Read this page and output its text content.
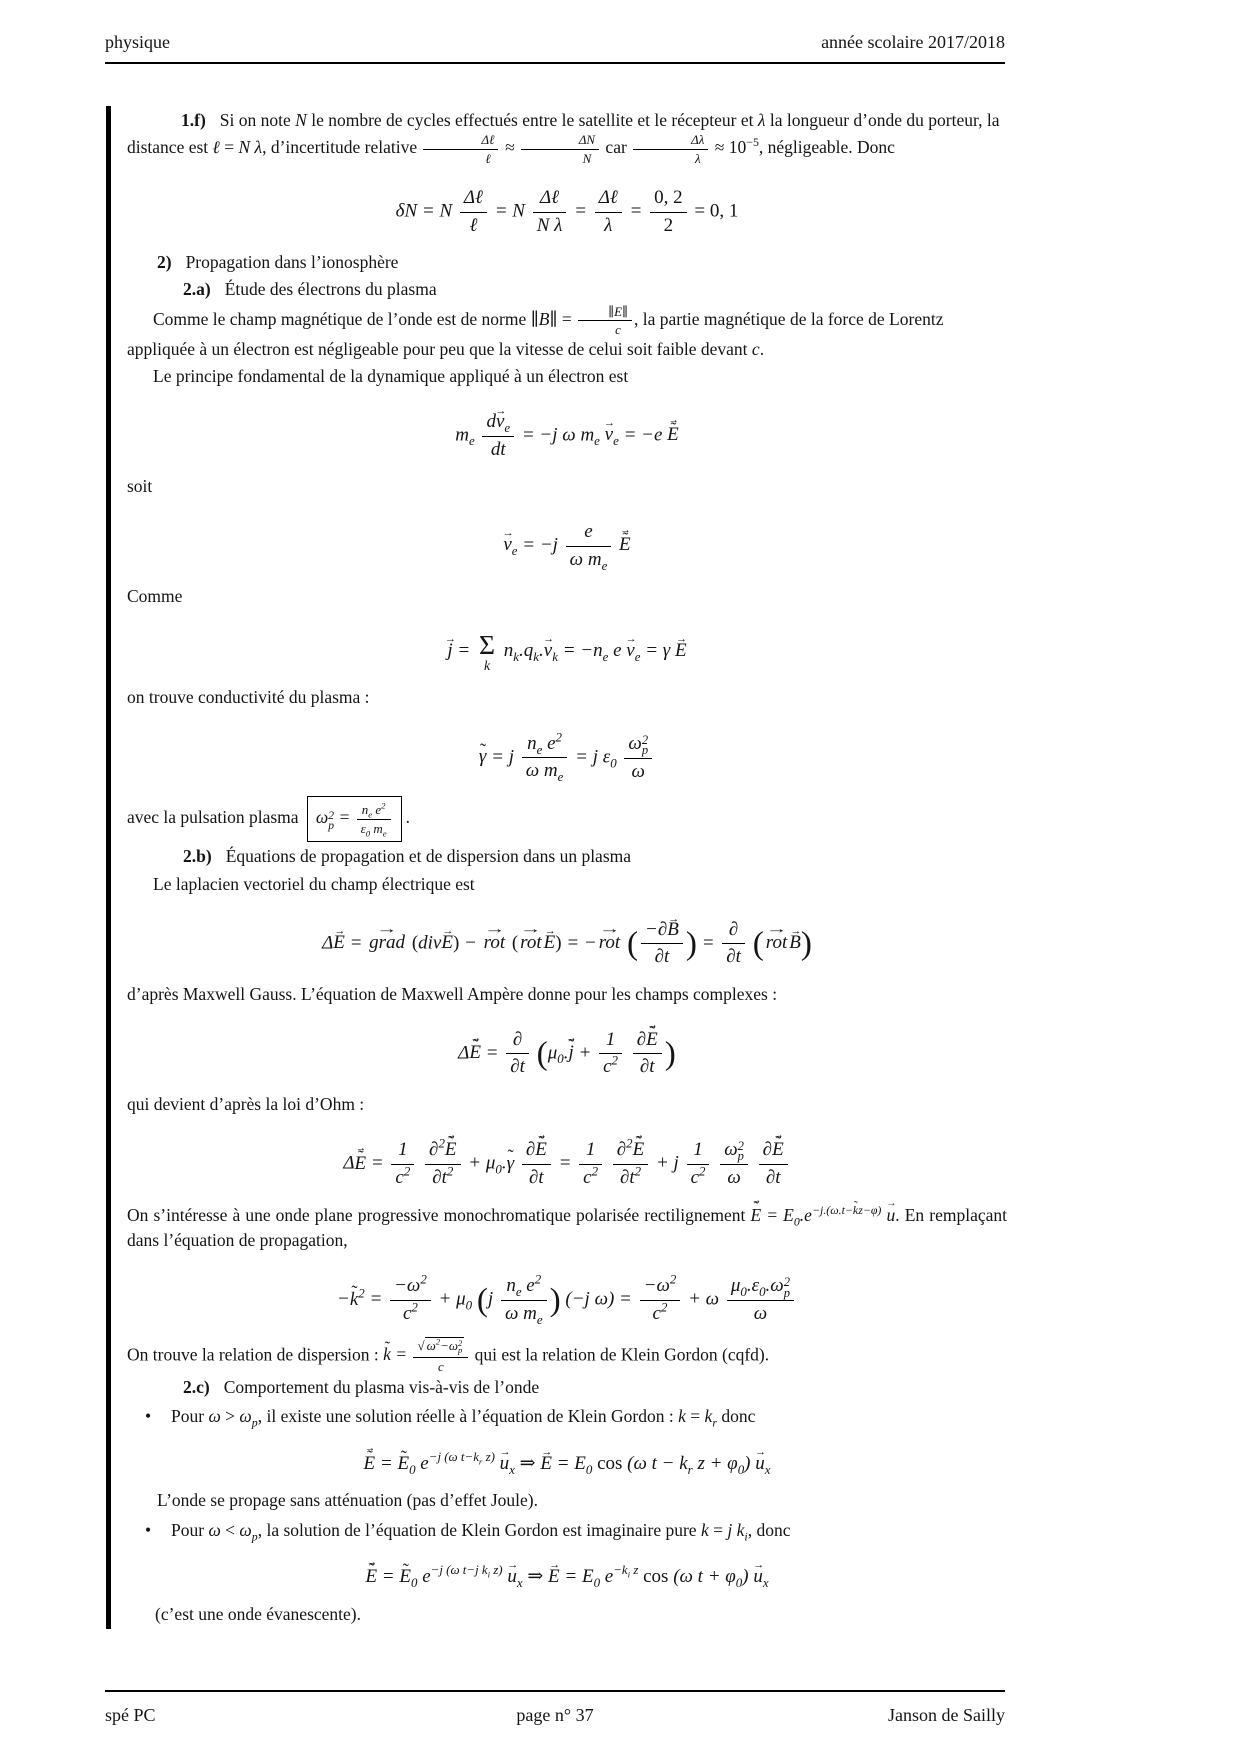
physique	année scolaire 2017/2018

1.f) Si on note N le nombre de cycles effectués entre le satellite et le récepteur et λ la longueur d’onde du porteur, la distance est ℓ = N λ, d’incertitude relative	Δℓ
ℓ
≈ $\frac{\Delta N}{N}$ car $\frac{\Delta\lambda}{\lambda} \approx 10^{-5}$, négligeable. Donc

δN = N
Δℓ
ℓ
= N
Δℓ
N λ
=
Δℓ
λ
= $\frac{0, 2}{2} = 0$, 1

2) Propagation dans l’ionosphère

2.a) Étude des électrons du plasma

Comme le champ magnétique de l’onde est de norme ∥B∥ = $\frac{\parallel E\parallel}{c}$ , la partie magnétique de la force de Lorentz appliquée à un électron est négligeable pour peu que la vitesse de celui soit faible devant c.

Le principe fondamental de la dynamique appliqué à un électron est

$m_e$
dv $\to_e$
dt
= −j ω $m_e$ $v \to_e = -e$ ˜ E →

soit

$v \to_e = -j \frac{e}{\omega m_e}$ ˜ E →

Comme

j → = Σ
k
$n_k.q_k.v \to_k = -n_e$ e $v \to_e = \gamma$ E →

on trouve conductivité du plasma :

γ ˜ = j $\frac{n_e e^2}{\omega m_e} = j$ $\varepsilon_0$ ω 2
p
ω

avec la pulsation plasma ω 2
$p = \frac{n_e e^2}{\varepsilon_0 m_e}$ .

2.b) Équations de propagation et de dispersion dans un plasma

Le laplacien vectoriel du champ électrique est

ΔE → =
→
grad (divE →) −
→
rot (
→
rot E →) = −
→
rot ( $\frac{-\partial B \to}{\partial t}$ ) =
∂
∂t ( →
rot B →)

d’après Maxwell Gauss. L’équation de Maxwell Ampère donne pour les champs complexes :

Δ˜ E → =
∂
∂t ($\mu_0.˜$ j → + $\frac{1}{c^2}$
$\frac{\partial˜ E \to}{\partial t}$ )

qui devient d’après la loi d’Ohm :

Δ˜ E → = $\frac{1}{c^2}$
$\frac{\partial^2˜ E \to}{\partial t^2} + \mu_0.\gamma$ ˜ $\frac{\partial˜ E \to}{\partial t} = \frac{1}{c^2}$
$\frac{\partial^2˜ E \to}{\partial t^2} + j \frac{1}{c^2}$
ω 2
p
ω
$\frac{\partial˜ E \to}{\partial t}$

On s’intéresse à une onde plane progressive monochromatique polarisée rectilignement ˜ E → = $E_0.e^{-j.(\omega.t-kz-\varphi)}$ u →. En remplaçant dans l’équation de propagation,

−k ˜$^2$ = $\frac{-\omega^2}{c^2} + \mu_0$ ($j \frac{n_e e^2}{\omega m_e}$ ) (−j $\omega) = \frac{-\omega^2}{c^2} + \omega$ $\mu_0.\varepsilon_0.\omega$ 2
p
ω

On trouve la relation de dispersion : k ˜ = √ $\omega^2-\omega$ 2
p
c qui est la relation de Klein Gordon (cqfd).

2.c) Comportement du plasma vis-à-vis de l’onde

•	Pour $\omega > \omega_p$, il existe une solution réelle à l’équation de Klein Gordon : $k = k_r$ donc
˜ E → = E $˜_0$ $e^{-j (\omega t-k_r z)}$ $u \to_x$ ⇒ E → = $E_0$ cos (ω $t - k_r$ $z + \varphi_0$) $u \to_x$

L’onde se propage sans atténuation (pas d’effet Joule).

•	Pour $\omega < \omega_p$, la solution de l’équation de Klein Gordon est imaginaire pure k = j $k_i$, donc
˜ E → = E $˜_0$ $e^{-j (\omega t-j k_i z)}$ $u \to_x$ ⇒ E → = $E_0$ $e^{-k_i z}$ cos (ω $t + \varphi_0$) $u \to_x$

(c’est une onde évanescente).

spé PC	page n° 37	Janson de Sailly
